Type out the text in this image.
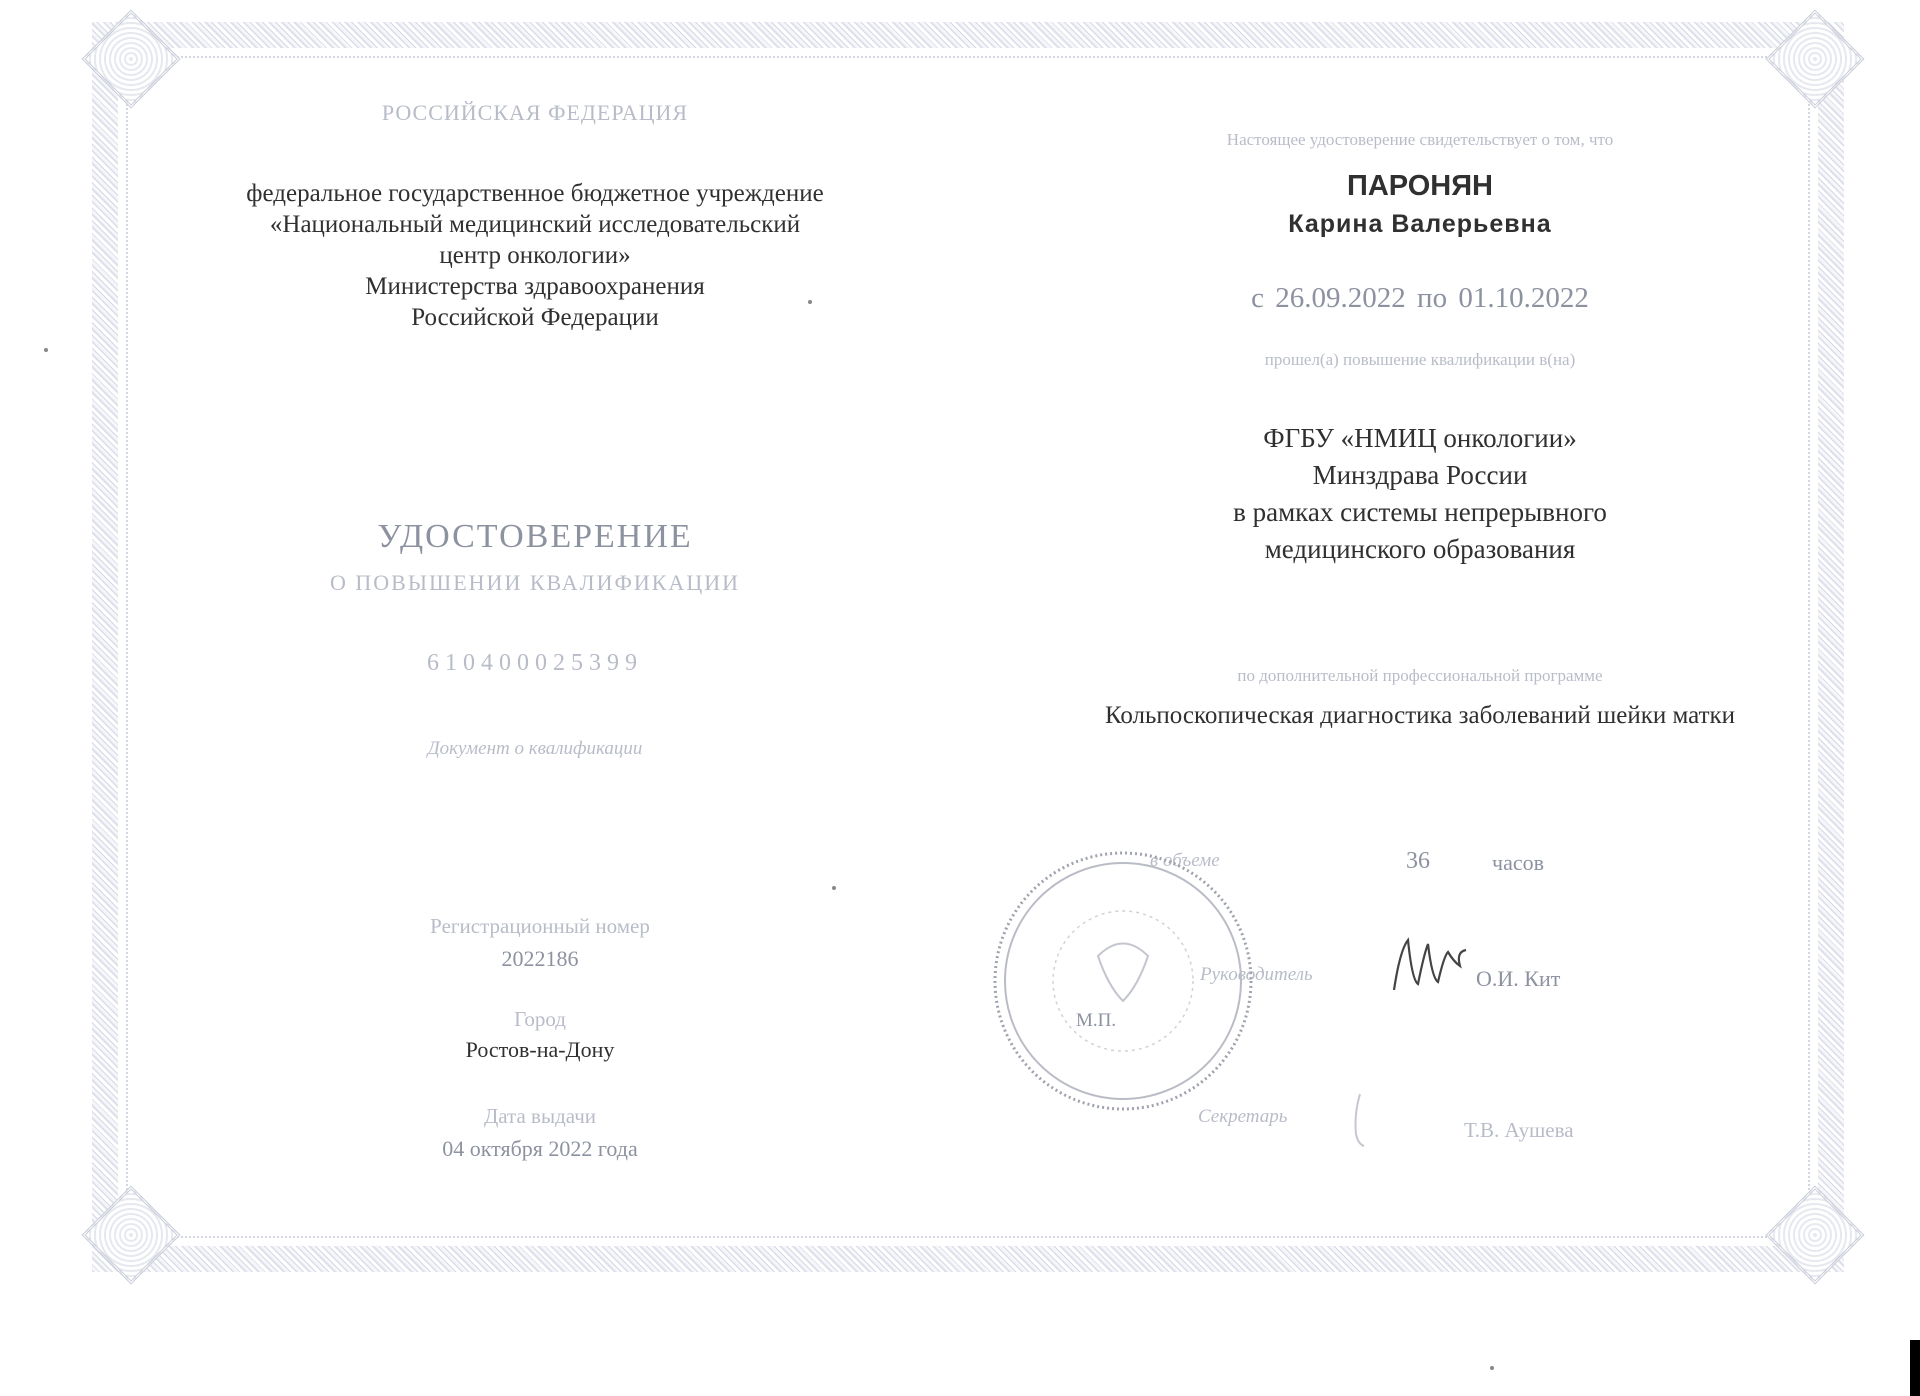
РОССИЙСКАЯ ФЕДЕРАЦИЯ
федеральное государственное бюджетное учреждение
«Национальный медицинский исследовательский
центр онкологии»
Министерства здравоохранения
Российской Федерации
УДОСТОВЕРЕНИЕ
О ПОВЫШЕНИИ КВАЛИФИКАЦИИ
610400025399
Документ о квалификации
Регистрационный номер
2022186
Город
Ростов-на-Дону
Дата выдачи
04 октября 2022 года
Настоящее удостоверение свидетельствует о том, что
ПАРОНЯН
Карина Валерьевна
с 26.09.2022 по 01.10.2022
прошел(а) повышение квалификации в(на)
ФГБУ «НМИЦ онкологии»
Минздрава России
в рамках системы непрерывного
медицинского образования
по дополнительной профессиональной программе
Кольпоскопическая диагностика заболеваний шейки матки
в объеме	36	часов
М.П.
Руководитель	О.И. Кит
Секретарь
Т.В. Аушева
